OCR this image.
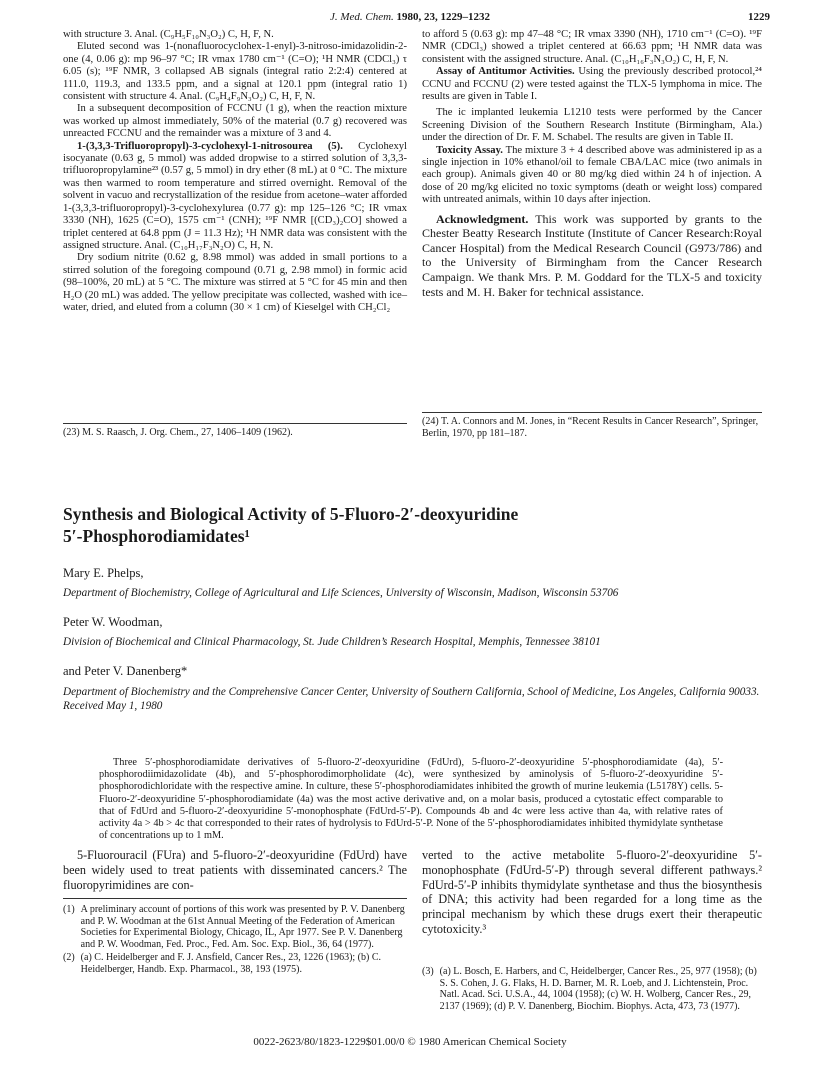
J. Med. Chem. 1980, 23, 1229–1232	1229

with structure 3. Anal. (C₉H₅F₁₀N₃O₂) C, H, F, N.

Eluted second was 1-(nonafluorocyclohex-1-enyl)-3-nitroso-imidazolidin-2-one (4, 0.06 g): mp 96–97 °C; IR νmax 1780 cm⁻¹ (C=O); ¹H NMR (CDCl₃) τ 6.05 (s); ¹⁹F NMR, 3 collapsed AB signals (integral ratio 2:2:4) centered at 111.0, 119.3, and 133.5 ppm, and a signal at 120.1 ppm (integral ratio 1) consistent with structure 4. Anal. (C₉H₄F₉N₃O₂) C, H, F, N.

In a subsequent decomposition of FCCNU (1 g), when the reaction mixture was worked up almost immediately, 50% of the material (0.7 g) recovered was unreacted FCCNU and the remainder was a mixture of 3 and 4.

1-(3,3,3-Trifluoropropyl)-3-cyclohexyl-1-nitrosourea (5). Cyclohexyl isocyanate (0.63 g, 5 mmol) was added dropwise to a stirred solution of 3,3,3-trifluoropropylamine²³ (0.57 g, 5 mmol) in dry ether (8 mL) at 0 °C. The mixture was then warmed to room temperature and stirred overnight. Removal of the solvent in vacuo and recrystallization of the residue from acetone–water afforded 1-(3,3,3-trifluoropropyl)-3-cyclohexylurea (0.77 g): mp 125–126 °C; IR νmax 3330 (NH), 1625 (C=O), 1575 cm⁻¹ (CNH); ¹⁹F NMR [(CD₃)₂CO] showed a triplet centered at 64.8 ppm (J = 11.3 Hz); ¹H NMR data was consistent with the assigned structure. Anal. (C₁₀H₁₇F₃N₂O) C, H, N.

Dry sodium nitrite (0.62 g, 8.98 mmol) was added in small portions to a stirred solution of the foregoing compound (0.71 g, 2.98 mmol) in formic acid (98–100%, 20 mL) at 5 °C. The mixture was stirred at 5 °C for 45 min and then H₂O (20 mL) was added. The yellow precipitate was collected, washed with ice–water, dried, and eluted from a column (30 × 1 cm) of Kieselgel with CH₂Cl₂

(23) M. S. Raasch, J. Org. Chem., 27, 1406–1409 (1962).

to afford 5 (0.63 g): mp 47–48 °C; IR νmax 3390 (NH), 1710 cm⁻¹ (C=O). ¹⁹F NMR (CDCl₃) showed a triplet centered at 66.63 ppm; ¹H NMR data was consistent with the assigned structure. Anal. (C₁₀H₁₆F₃N₃O₂) C, H, F, N.

Assay of Antitumor Activities. Using the previously described protocol,²⁴ CCNU and FCCNU (2) were tested against the TLX-5 lymphoma in mice. The results are given in Table I.

The ic implanted leukemia L1210 tests were performed by the Cancer Screening Division of the Southern Research Institute (Birmingham, Ala.) under the direction of Dr. F. M. Schabel. The results are given in Table II.

Toxicity Assay. The mixture 3 + 4 described above was administered ip as a single injection in 10% ethanol/oil to female CBA/LAC mice (two animals in each group). Animals given 40 or 80 mg/kg died within 24 h of injection. A dose of 20 mg/kg elicited no toxic symptoms (death or weight loss) compared with untreated animals, within 10 days after injection.

Acknowledgment. This work was supported by grants to the Chester Beatty Research Institute (Institute of Cancer Research:Royal Cancer Hospital) from the Medical Research Council (G973/786) and to the University of Birmingham from the Cancer Research Campaign. We thank Mrs. P. M. Goddard for the TLX-5 and toxicity tests and M. H. Baker for technical assistance.

(24) T. A. Connors and M. Jones, in “Recent Results in Cancer Research”, Springer, Berlin, 1970, pp 181–187.
Synthesis and Biological Activity of 5-Fluoro-2′-deoxyuridine
5′-Phosphorodiamidates¹
Mary E. Phelps,
Department of Biochemistry, College of Agricultural and Life Sciences, University of Wisconsin, Madison, Wisconsin 53706
Peter W. Woodman,
Division of Biochemical and Clinical Pharmacology, St. Jude Children’s Research Hospital, Memphis, Tennessee 38101
and Peter V. Danenberg*
Department of Biochemistry and the Comprehensive Cancer Center, University of Southern California, School of Medicine, Los Angeles, California 90033. Received May 1, 1980
Three 5′-phosphorodiamidate derivatives of 5-fluoro-2′-deoxyuridine (FdUrd), 5-fluoro-2′-deoxyuridine 5′-phosphorodiamidate (4a), 5′-phosphorodiimidazolidate (4b), and 5′-phosphorodimorpholidate (4c), were synthesized by aminolysis of 5-fluoro-2′-deoxyuridine 5′-phosphorodichloridate with the respective amine. In culture, these 5′-phosphorodiamidates inhibited the growth of murine leukemia (L5178Y) cells. 5-Fluoro-2′-deoxyuridine 5′-phosphorodiamidate (4a) was the most active derivative and, on a molar basis, produced a cytostatic effect comparable to that of FdUrd and 5-fluoro-2′-deoxyuridine 5′-monophosphate (FdUrd-5′-P). Compounds 4b and 4c were less active than 4a, with relative rates of activity 4a > 4b > 4c that corresponded to their rates of hydrolysis to FdUrd-5′-P. None of the 5′-phosphorodiamidates inhibited thymidylate synthetase of concentrations up to 1 mM.
5-Fluorouracil (FUra) and 5-fluoro-2′-deoxyuridine (FdUrd) have been widely used to treat patients with disseminated cancers.² The fluoropyrimidines are con-
verted to the active metabolite 5-fluoro-2′-deoxyuridine 5′-monophosphate (FdUrd-5′-P) through several different pathways.² FdUrd-5′-P inhibits thymidylate synthetase and thus the biosynthesis of DNA; this activity had been regarded for a long time as the principal mechanism by which these drugs exert their therapeutic cytotoxicity.³
(1) A preliminary account of portions of this work was presented by P. V. Danenberg and P. W. Woodman at the 61st Annual Meeting of the Federation of American Societies for Experimental Biology, Chicago, IL, Apr 1977. See P. V. Danenberg and P. W. Woodman, Fed. Proc., Fed. Am. Soc. Exp. Biol., 36, 64 (1977).
(2) (a) C. Heidelberger and F. J. Ansfield, Cancer Res., 23, 1226 (1963); (b) C. Heidelberger, Handb. Exp. Pharmacol., 38, 193 (1975).	(3) (a) L. Bosch, E. Harbers, and C, Heidelberger, Cancer Res., 25, 977 (1958); (b) S. S. Cohen, J. G. Flaks, H. D. Barner, M. R. Loeb, and J. Lichtenstein, Proc. Natl. Acad. Sci. U.S.A., 44, 1004 (1958); (c) W. H. Wolberg, Cancer Res., 29, 2137 (1969); (d) P. V. Danenberg, Biochim. Biophys. Acta, 473, 73 (1977).
0022-2623/80/1823-1229$01.00/0 © 1980 American Chemical Society
